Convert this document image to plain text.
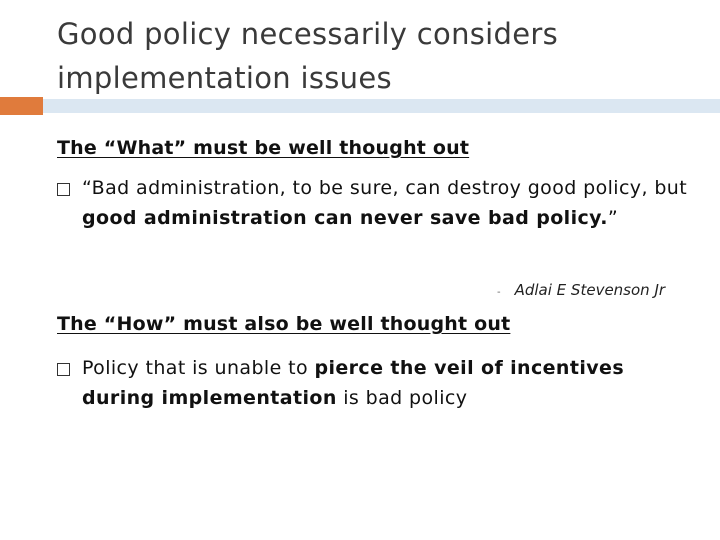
Good policy necessarily considers
implementation issues
The “What” must be well thought out
“Bad administration, to be sure, can destroy good policy, but good administration can never save bad policy.”
- Adlai E Stevenson Jr
The “How” must also be well thought out
Policy that is unable to pierce the veil of incentives during implementation is bad policy
